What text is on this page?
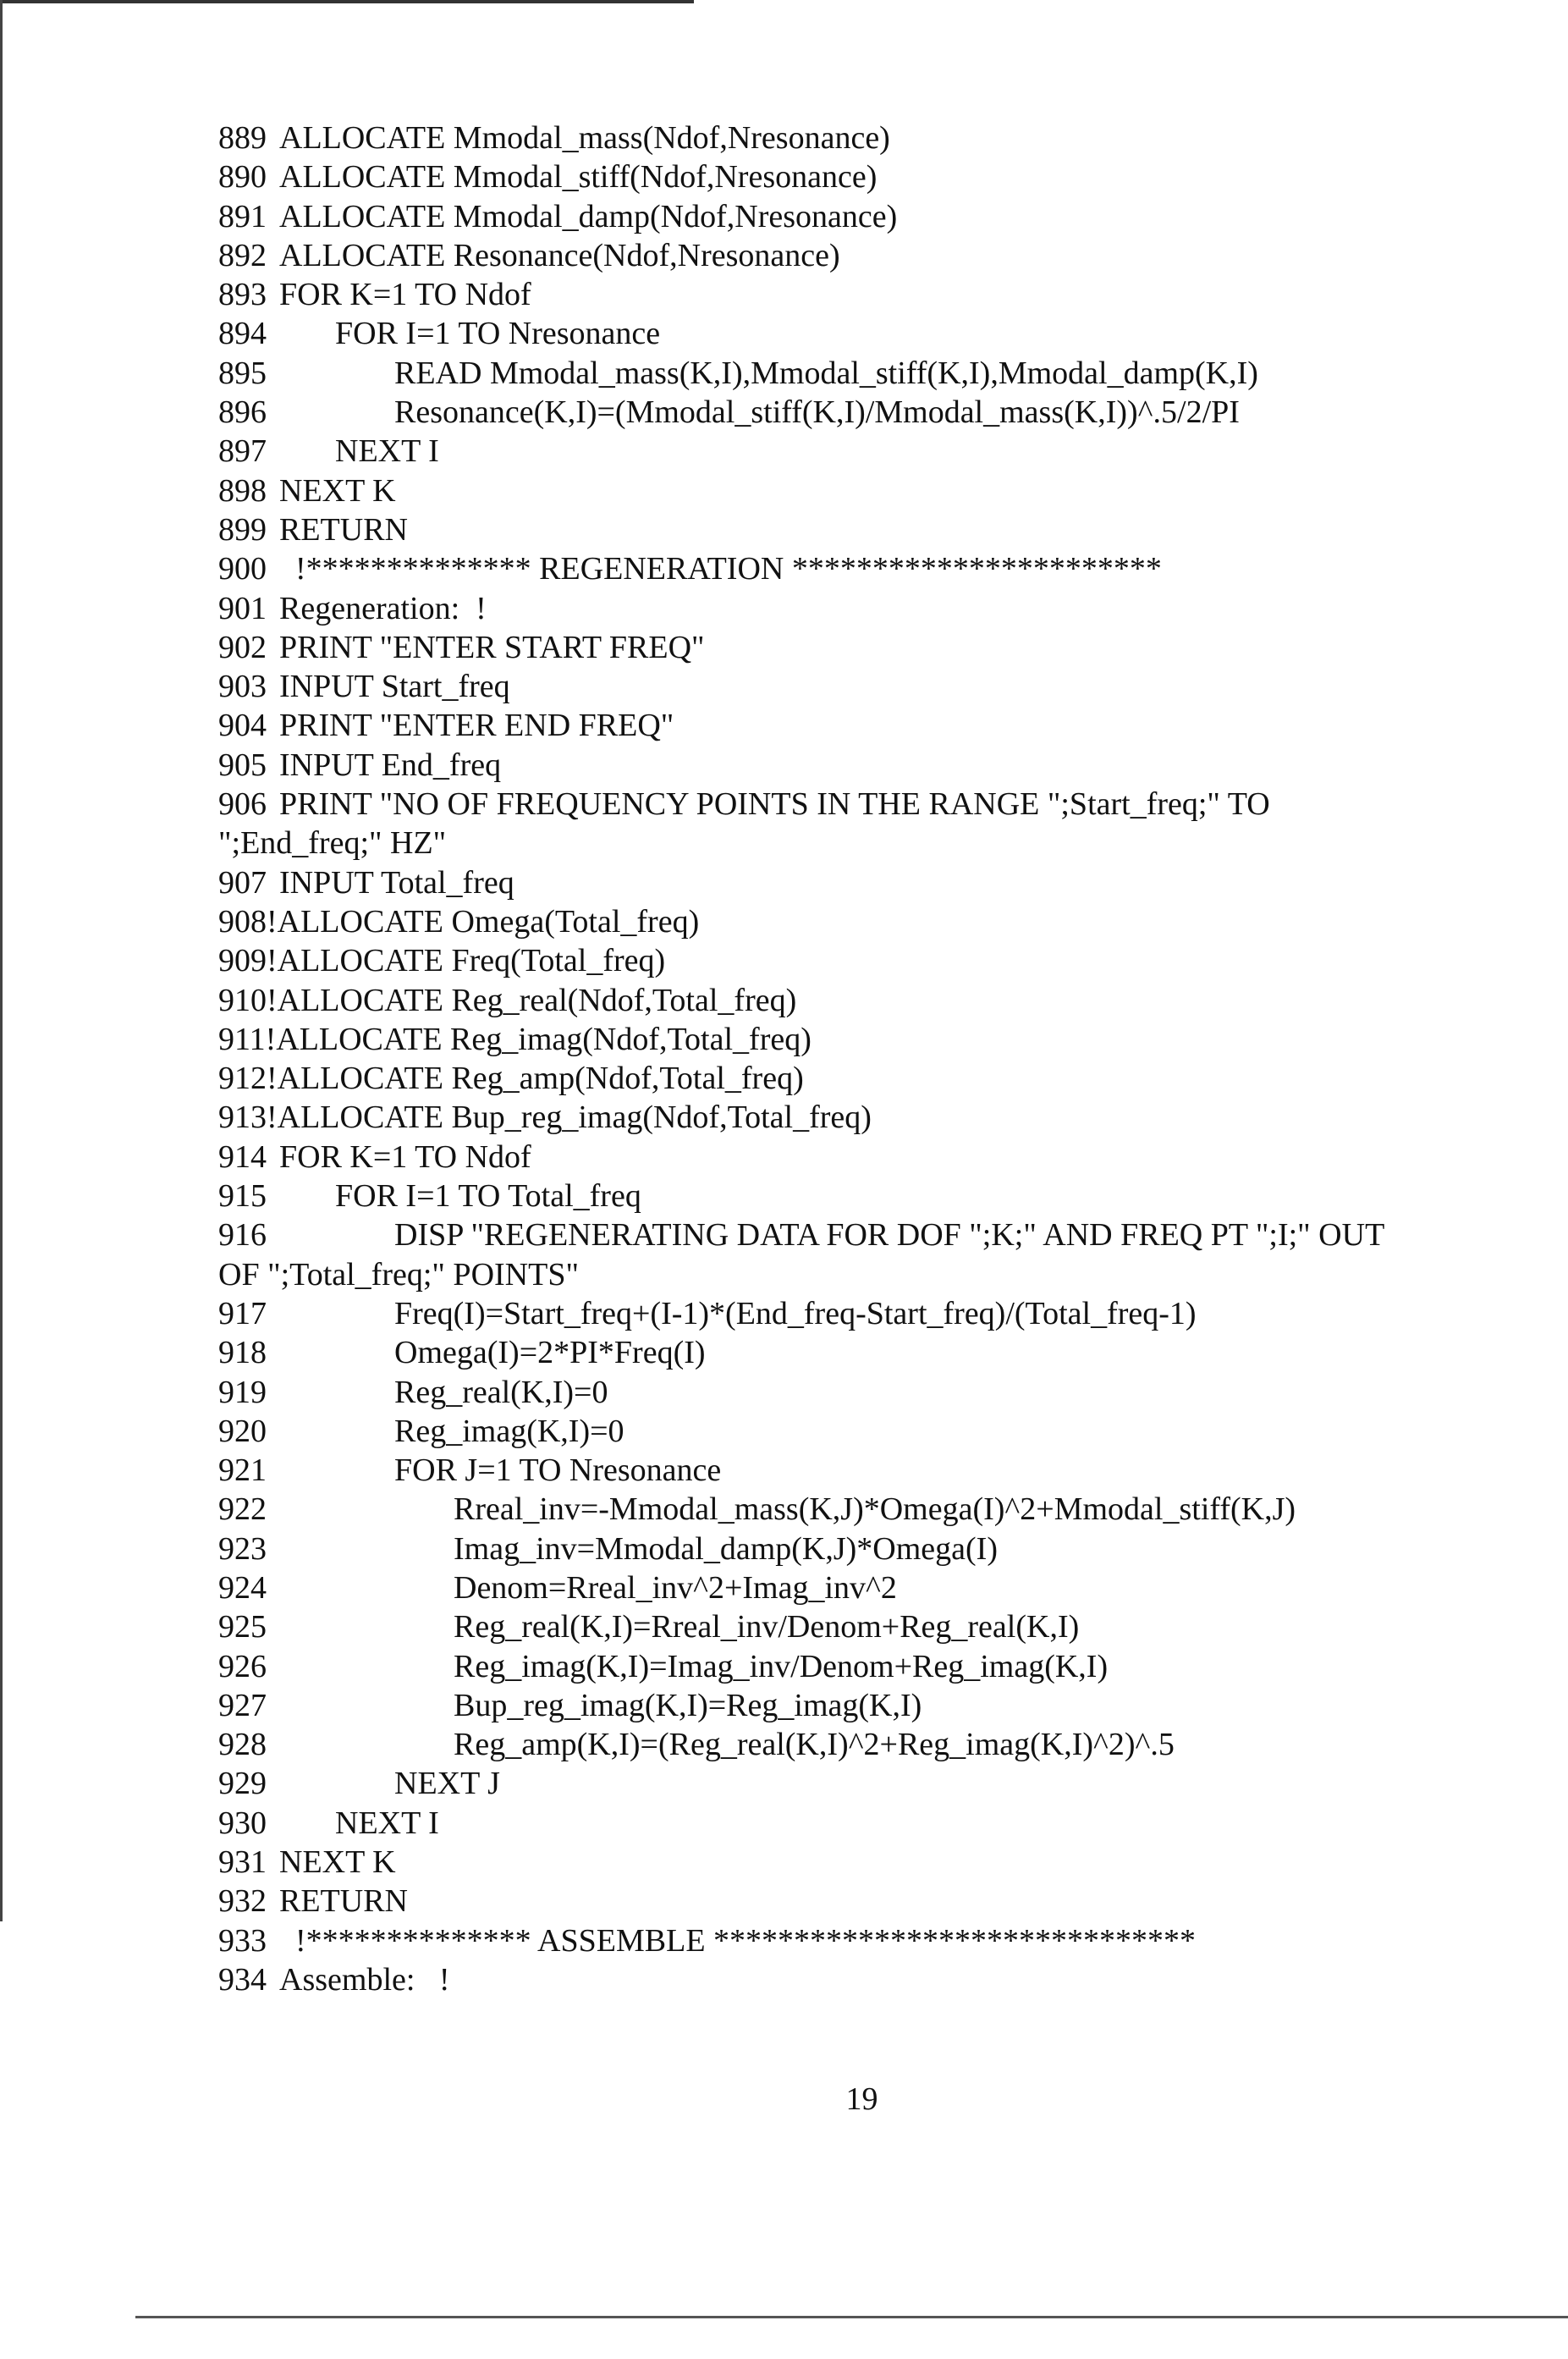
889 ALLOCATE Mmodal_mass(Ndof,Nresonance)
890 ALLOCATE Mmodal_stiff(Ndof,Nresonance)
891 ALLOCATE Mmodal_damp(Ndof,Nresonance)
892 ALLOCATE Resonance(Ndof,Nresonance)
893 FOR K=1 TO Ndof
894 FOR I=1 TO Nresonance
895	READ Mmodal_mass(K,I),Mmodal_stiff(K,I),Mmodal_damp(K,I)
896	Resonance(K,I)=(Mmodal_stiff(K,I)/Mmodal_mass(K,I))^.5/2/PI
897 NEXT I
898 NEXT K
899 RETURN
900  !************** REGENERATION ***********************
901 Regeneration:  !
902 PRINT "ENTER START FREQ"
903 INPUT Start_freq
904 PRINT "ENTER END FREQ"
905 INPUT End_freq
906 PRINT "NO OF FREQUENCY POINTS IN THE RANGE ";Start_freq;" TO
";End_freq;" HZ"
907 INPUT Total_freq
908!ALLOCATE Omega(Total_freq)
909!ALLOCATE Freq(Total_freq)
910!ALLOCATE Reg_real(Ndof,Total_freq)
911!ALLOCATE Reg_imag(Ndof,Total_freq)
912!ALLOCATE Reg_amp(Ndof,Total_freq)
913!ALLOCATE Bup_reg_imag(Ndof,Total_freq)
914 FOR K=1 TO Ndof
915 FOR I=1 TO Total_freq
916	DISP "REGENERATING DATA FOR DOF ";K;" AND FREQ PT ";I;" OUT
OF ";Total_freq;" POINTS"
917	Freq(I)=Start_freq+(I-1)*(End_freq-Start_freq)/(Total_freq-1)
918	Omega(I)=2*PI*Freq(I)
919	Reg_real(K,I)=0
920	Reg_imag(K,I)=0
921	FOR J=1 TO Nresonance
922	Rreal_inv=-Mmodal_mass(K,J)*Omega(I)^2+Mmodal_stiff(K,J)
923	Imag_inv=Mmodal_damp(K,J)*Omega(I)
924	Denom=Rreal_inv^2+Imag_inv^2
925	Reg_real(K,I)=Rreal_inv/Denom+Reg_real(K,I)
926	Reg_imag(K,I)=Imag_inv/Denom+Reg_imag(K,I)
927	Bup_reg_imag(K,I)=Reg_imag(K,I)
928	Reg_amp(K,I)=(Reg_real(K,I)^2+Reg_imag(K,I)^2)^.5
929	NEXT J
930 NEXT I
931 NEXT K
932 RETURN
933  !************** ASSEMBLE ******************************
934 Assemble:   !
19
